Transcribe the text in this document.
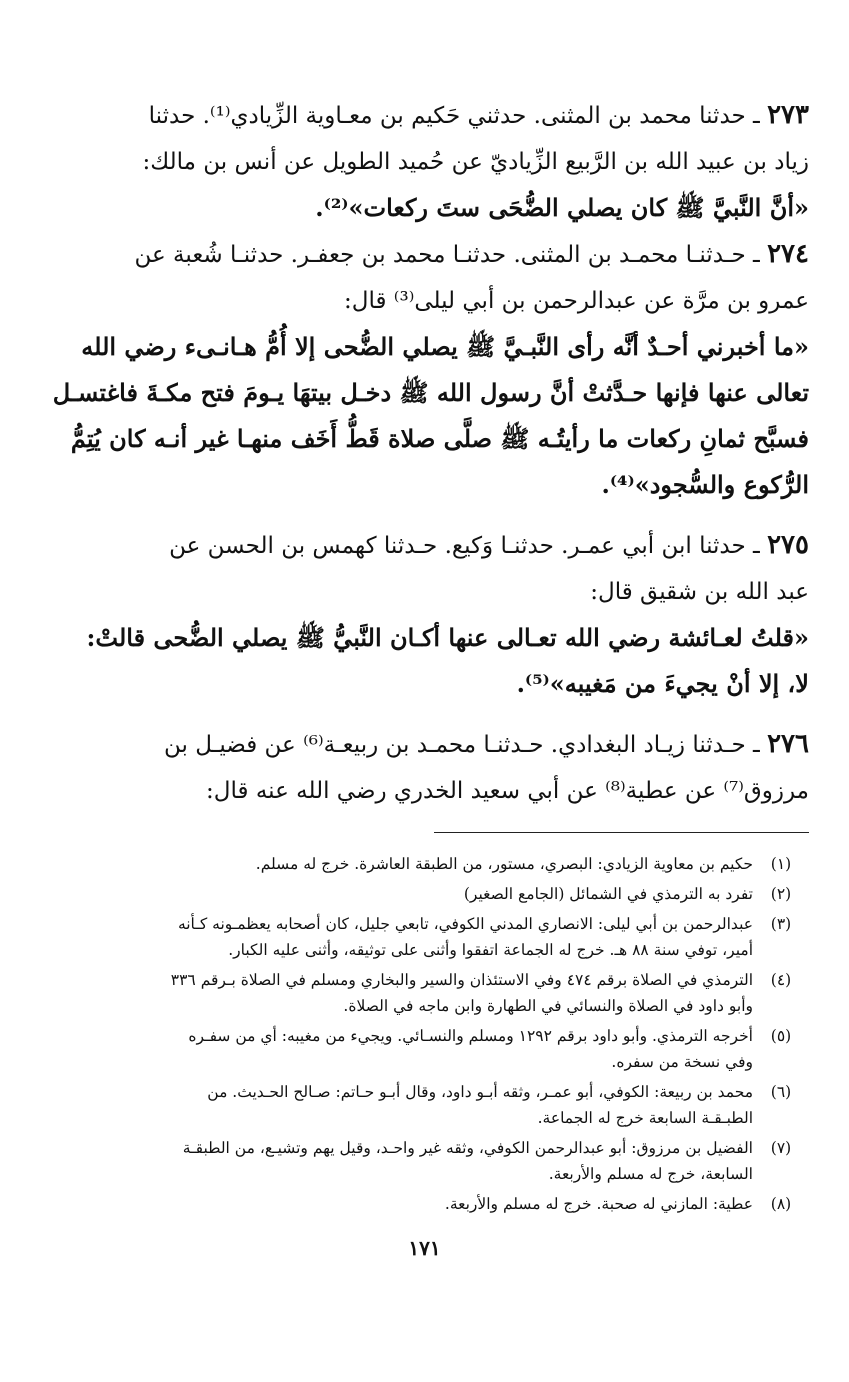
٢٧٣ ـ حدثنا محمد بن المثنى. حدثني حَكيم بن معـاوية الزِّيادي⁽¹⁾. حدثنا
زياد بن عبيد الله بن الرَّبيع الزِّياديّ عن حُميد الطويل عن أنس بن مالك:
«أنَّ النَّبيَّ ﷺ كان يصلي الضُّحَى ستَ ركعات»⁽²⁾.
٢٧٤ ـ حـدثنـا محمـد بن المثنى. حدثنـا محمد بن جعفـر. حدثنـا شُعبة عن
عمرو بن مرَّة عن عبدالرحمن بن أبي ليلى⁽³⁾ قال:
«ما أخبرني أحـدٌ أنَّه رأى النَّبـيَّ ﷺ يصلي الضُّحى إلا أُمُّ هـانـىء رضي الله
تعالى عنها فإنها حـدَّثتْ أنَّ رسول الله ﷺ دخـل بيتهَا يـومَ فتح مكـةَ فاغتسـل
فسبَّح ثمانِ ركعات ما رأيتُـه ﷺ صلَّى صلاة قَطُّ أَخَف منهـا غير أنـه كان يُتِمُّ
الرُّكوع والسُّجود»⁽⁴⁾.
٢٧٥ ـ حدثنا ابن أبي عمـر. حدثنـا وَكيع. حـدثنا كهمس بن الحسن عن
عبد الله بن شقيق قال:
«قلتُ لعـائشة رضي الله تعـالى عنها أكـان النَّبيُّ ﷺ يصلي الضُّحى قالتْ:
لا، إلا أنْ يجيءَ من مَغيبه»⁽⁵⁾.
٢٧٦ ـ حـدثنا زيـاد البغدادي. حـدثنـا محمـد بن ربيعـة⁽⁶⁾ عن فضيـل بن
مرزوق⁽⁷⁾ عن عطية⁽⁸⁾ عن أبي سعيد الخدري رضي الله عنه قال:
(١)
حكيم بن معاوية الزيادي: البصري، مستور، من الطبقة العاشرة. خرج له مسلم.
(٢)
تفرد به الترمذي في الشمائل (الجامع الصغير)
(٣)
عبدالرحمن بن أبي ليلى: الانصاري المدني الكوفي، تابعي جليل، كان أصحابه يعظمـونه كـأنه
أمير، توفي سنة ٨٨ هـ. خرج له الجماعة اتفقوا وأثنى على توثيقه، وأثنى عليه الكبار.
(٤)
الترمذي في الصلاة برقم ٤٧٤ وفي الاستئذان والسير والبخاري ومسلم في الصلاة بـرقم ٣٣٦
وأبو داود في الصلاة والنسائي في الطهارة وابن ماجه في الصلاة.
(٥)
أخرجه الترمذي. وأبو داود برقم ١٢٩٢ ومسلم والنسـائي. ويجيء من مغيبه: أي من سفـره
وفي نسخة من سفره.
(٦)
محمد بن ربيعة: الكوفي، أبو عمـر، وثقه أبـو داود، وقال أبـو حـاتم: صـالح الحـديث. من
الطبـقـة السابعة خرج له الجماعة.
(٧)
الفضيل بن مرزوق: أبو عبدالرحمن الكوفي، وثقه غير واحـد، وقيل يهم وتشيـع، من الطبقـة
السابعة، خرج له مسلم والأربعة.
(٨)
عطية: المازني له صحبة. خرج له مسلم والأربعة.
١٧١
